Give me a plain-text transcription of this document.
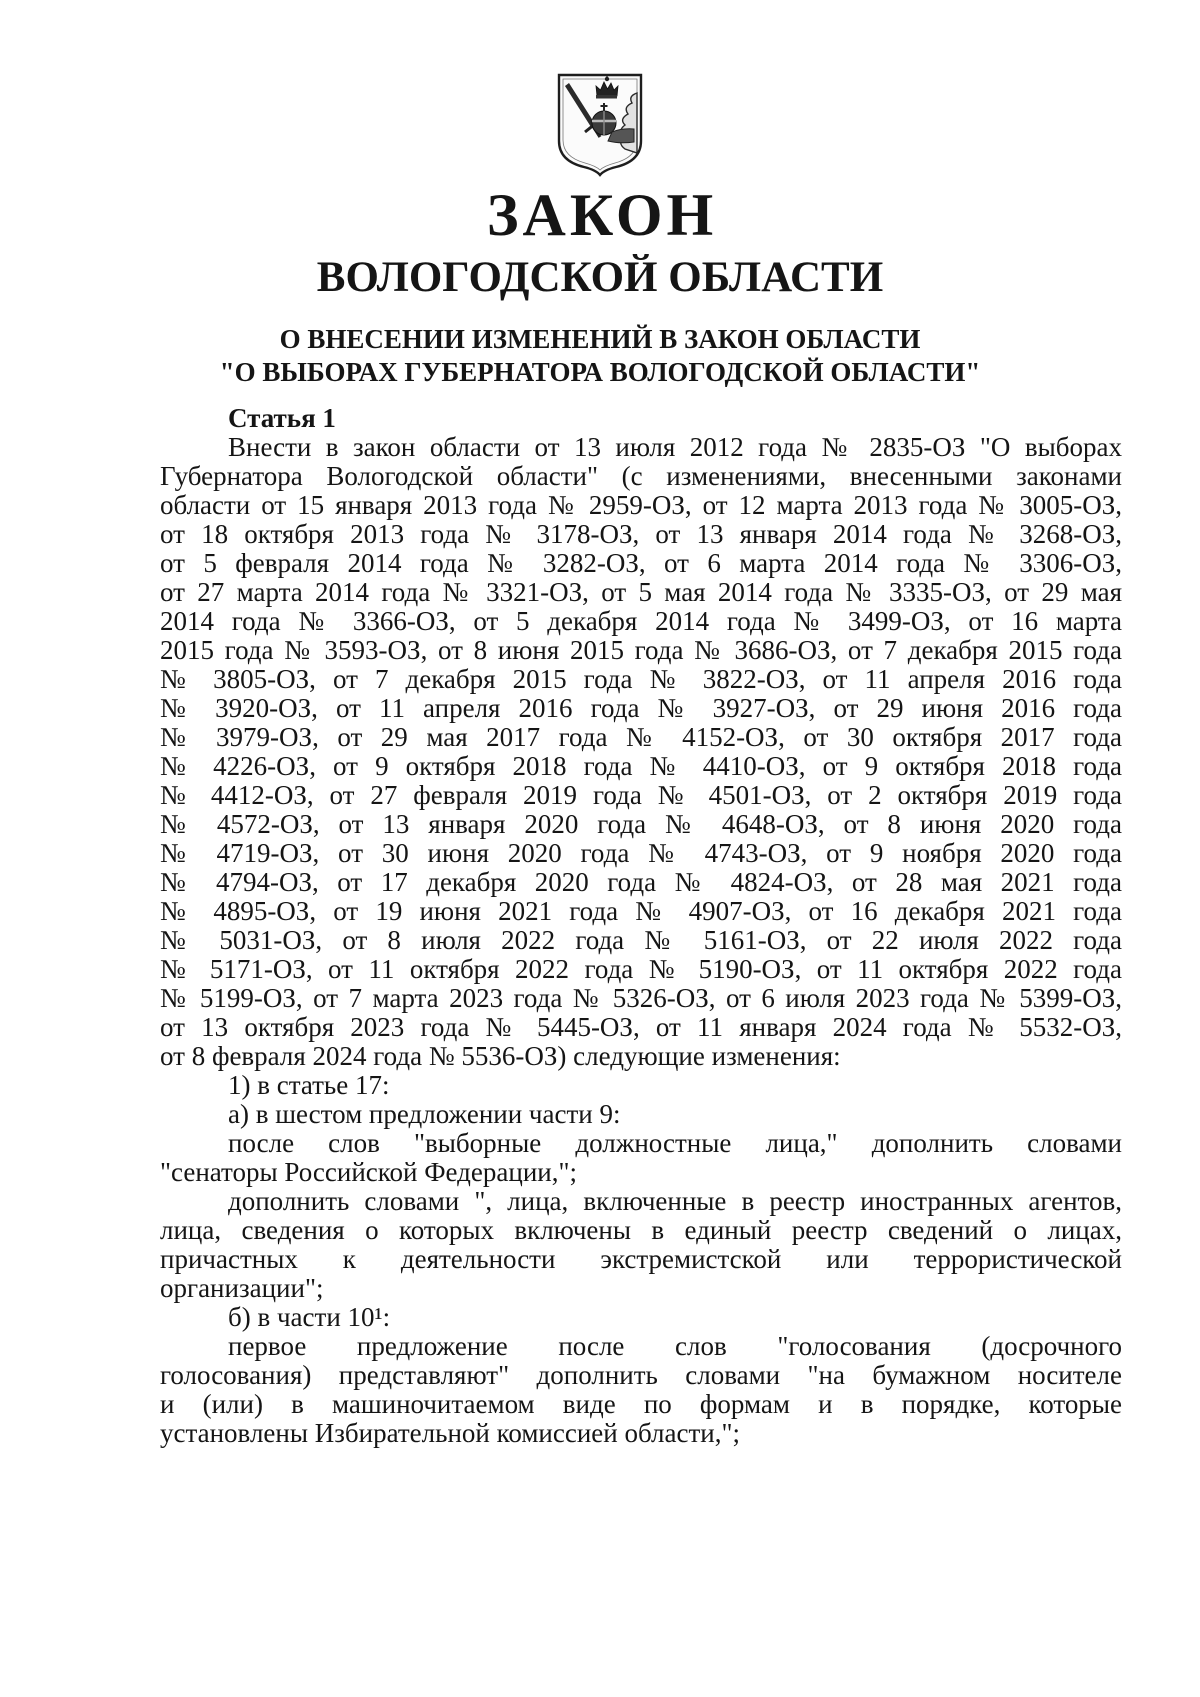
ЗАКОН
ВОЛОГОДСКОЙ ОБЛАСТИ
О ВНЕСЕНИИ ИЗМЕНЕНИЙ В ЗАКОН ОБЛАСТИ
"О ВЫБОРАХ ГУБЕРНАТОРА ВОЛОГОДСКОЙ ОБЛАСТИ"
Статья 1
Внести в закон области от 13 июля 2012 года № 2835-ОЗ "О выборах
Губернатора Вологодской области" (с изменениями, внесенными законами
области от 15 января 2013 года № 2959-ОЗ, от 12 марта 2013 года № 3005-ОЗ,
от 18 октября 2013 года № 3178-ОЗ, от 13 января 2014 года № 3268-ОЗ,
от 5 февраля 2014 года № 3282-ОЗ, от 6 марта 2014 года № 3306-ОЗ,
от 27 марта 2014 года № 3321-ОЗ, от 5 мая 2014 года № 3335-ОЗ, от 29 мая
2014 года № 3366-ОЗ, от 5 декабря 2014 года № 3499-ОЗ, от 16 марта
2015 года № 3593-ОЗ, от 8 июня 2015 года № 3686-ОЗ, от 7 декабря 2015 года
№ 3805-ОЗ, от 7 декабря 2015 года № 3822-ОЗ, от 11 апреля 2016 года
№ 3920-ОЗ, от 11 апреля 2016 года № 3927-ОЗ, от 29 июня 2016 года
№ 3979-ОЗ, от 29 мая 2017 года № 4152-ОЗ, от 30 октября 2017 года
№ 4226-ОЗ, от 9 октября 2018 года № 4410-ОЗ, от 9 октября 2018 года
№ 4412-ОЗ, от 27 февраля 2019 года № 4501-ОЗ, от 2 октября 2019 года
№ 4572-ОЗ, от 13 января 2020 года № 4648-ОЗ, от 8 июня 2020 года
№ 4719-ОЗ, от 30 июня 2020 года № 4743-ОЗ, от 9 ноября 2020 года
№ 4794-ОЗ, от 17 декабря 2020 года № 4824-ОЗ, от 28 мая 2021 года
№ 4895-ОЗ, от 19 июня 2021 года № 4907-ОЗ, от 16 декабря 2021 года
№ 5031-ОЗ, от 8 июля 2022 года № 5161-ОЗ, от 22 июля 2022 года
№ 5171-ОЗ, от 11 октября 2022 года № 5190-ОЗ, от 11 октября 2022 года
№ 5199-ОЗ, от 7 марта 2023 года № 5326-ОЗ, от 6 июля 2023 года № 5399-ОЗ,
от 13 октября 2023 года № 5445-ОЗ, от 11 января 2024 года № 5532-ОЗ,
от 8 февраля 2024 года № 5536-ОЗ) следующие изменения:
1) в статье 17:
а) в шестом предложении части 9:
после слов "выборные должностные лица," дополнить словами
"сенаторы Российской Федерации,";
дополнить словами ", лица, включенные в реестр иностранных агентов,
лица, сведения о которых включены в единый реестр сведений о лицах,
причастных к деятельности экстремистской или террористической
организации";
б) в части 10¹:
первое предложение после слов "голосования (досрочного
голосования) представляют" дополнить словами "на бумажном носителе
и (или) в машиночитаемом виде по формам и в порядке, которые
установлены Избирательной комиссией области,";
